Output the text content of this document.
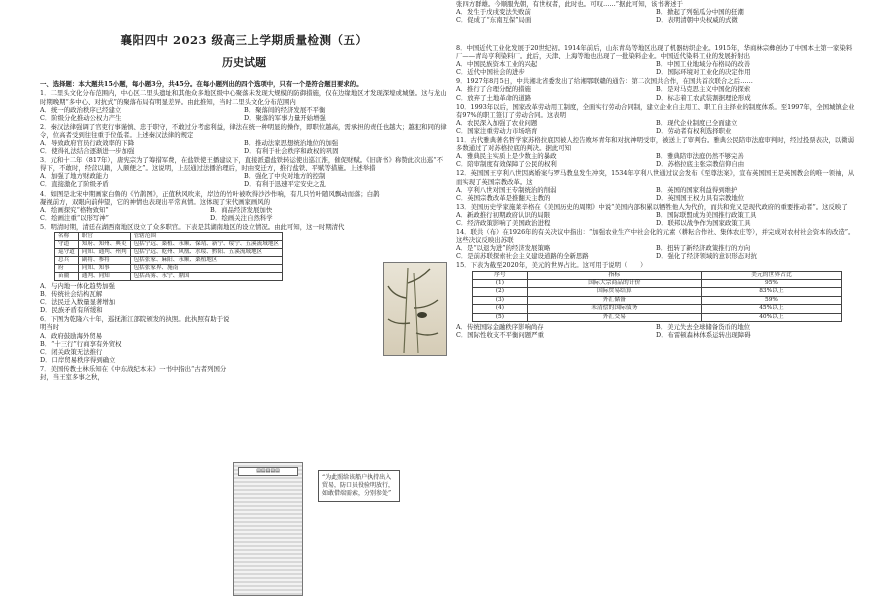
襄阳四中 2023 级高三上学期质量检测（五）
历史试题
一、选择题：本大题共15小题，每小题3分，共45分。在每小题列出的四个选项中，只有一个是符合题目要求的。
1．二里头文化分布范围内，中心区二里头遗址和其他众多地区级中心聚落未发现大规模的防御措施，仅在边缘地区才发现深壕或城堡。这与龙山时期晚期“多中心、对抗式”的聚落布局有明显差异。由此推知，当时二里头文化分布范围内
A．统一的政治秩序已经建立	B．聚落间的经济发展不平衡
C．阶级分化推动公权力产生	D．聚落的军事力量开始增强
2．秦汉法律强调了官吏行事谨慎、忠于职守，不敢过分考虑利益，律法在统一种明显的操作，即职位越高，需承担的责任也越大；越犯和同的律令，位高者受到往往重于位低者。上述秦汉法律的规定
A．导致政府官员行政效率的下降	B．推动法家思想统治地位的加强
C．使得礼法结合逐渐进一步加强	D．有利于社会秩序和政权的巩固
3．元和十二年（817年），唐宪宗为了筹措军费，在盐铁使王播建议下，直接派遣盐铁转运使出巡江淮，催促财赋。《旧唐书》称赞此次出巡“不得下，不敢时，经营以籍，人颇便之”。这说明，上层通过法播治理后，时由变迁方，推行盐铁、平赋等措施。上述举措
A．加强了地方财政能力	B．强化了中央对地方的控制
C．直接激化了阶级矛盾	D．有利于迅速平定安史之乱
4．如图是北宋中期画家白鲁的《竹鹊图》，正值秋风吹来，岸边的竹叶被吹得沙沙作响，有几只竹叶随风飘动而落；白鹊凝视前方，双眼向前伸望，它的神情也表现出平常真情。这体现了宋代画家画风的
A．绘画探究“格物致知”	B．商品经济发展加快
C．绘画注重“以形写神”	D．绘画关注自然科学
5．明清时期，清廷在湖西南地区设立了众多职官。下表是其湖南地区的设立情况。由此可知，这一时期清代
名称	职官	管辖范围
守道	知府、知州、典吏	包括宁远、桑植、永顺、保靖、新宁、绥宁、五溪流域地区
巡守道	同知、通判、州判	包括宁远、乾州、风凰、水绥、黔阳、五溪流域地区
总兵	副将、参将	包括张家、麻阳、永顺、桑植地区
府	同知、知事	包括张家界、施南
苗疆	通判、同知	包括高雾、永宁、鼎国
A．与内地一体化趋势加强
B．传统社会结构瓦解
C．法民迁入数量显著增加
D．民族矛盾有所缓和
6．下图为乾隆六十年，巡抚浙江部院颁发的执照。此执照有助于说明当时
A．政府鼓励海外贸易
B．“十三行”行商享有外贸权
C．闭关政策无法推行
D．口岸贸易秩序得到确立
7．美国传教士林乐知在《中东战纪本末》一书中指出“古者列国分封，当王室多事之秋，
▤▤▤▤▤
“为此照给该船户执持出入贸易，防口员役验明放行，如敢借端需索，分别参处”
张四方群雄。今顺服先朝，有世权者，此时也。可叹……”据此可知，该书著述于
A．发生于戊戌变法失败前	B．掀起了列强瓜分中国的狂潮
C．促成了“东南互保”局面	D．表明清朝中央权威的式微
8．中国近代工业化发展于20世纪初。1914年前后，山东青岛等地区出现了机器纺织企业。1915年，华商林宗彝创办了中国本土第一家染料厂——青岛亨利染料厂。此后，天津、上海等地也出现了一批染料企业。中国近代染料工业的发展折射出
A．中国民族资本工业的兴起	B．中国工业地域分布格局的改善
C．近代中国社会的进步	D．国际环境对工业化的决定作用
9．1927年8月5日，中共湘北省委发出了给湘鄂联赣的通告：第二次国共合作，在国共首次联合之后……
A．推行了合理分配的措施	B．是对马克思主义中国化的探索
C．放弃了土地革命的道路	D．标志着工农武装割据理论形成
10．1993年以后，国家改革劳动用工制度，全面实行劳动合同制，建立企业自主用工、职工自主择业的制度体系。至1997年，全国城镇企业有97%的职工签订了劳动合同。这表明
A．农民深入加强了农业问题	B．现代企业制度已全面建立
C．国家注重劳动力市场培育	D．劳动者有权利选择职业
11．古代雅典著名哲学家苏格拉底因被人控告败坏青年和对抗神明受审，被送上了审判台。雅典公民陪审法庭审判时，经过投票表决，以微弱多数通过了对苏格拉底的判决。据此可知
A．雅典民主实质上是少数主的暴政	B．雅典陪审法庭仍然不够完善
C．陪审制度有效保障了公民的权利	D．苏格拉底主张宗教信仰自由
12．英国国王亨利八世因离婚案与罗马教皇发生冲突，1534年亨利八世通过议会发布《至尊法案》，宣布英国国王是英国教会的唯一领袖，从而实现了英国宗教改革。这
A．亨利八世对国王专制统治的削弱	B．英国的国家利益得到维护
C．英国宗教改革是推翻天主教的	D．英国国王权力具有宗教地位
13．美国历史学家施莱辛格在《美国历史的周期》中说“美国内部积累以牺牲他人为代价，而共和党又是现代政府的重要推动者”。这反映了
A．新政推行初期政府认识的局限	B．国际联盟成为美国推行政策工具
C．经济政策影响了美国政治进程	D．联邦以战争作为国家政策工具
14．联共（布）在1926年的有关决议中指出：“加强农业生产中社会化的元素（耕耘合作社、集体农庄等），并完成对农村社会资本的改造”。这些决议反映出苏联
A．是“以退为进”的经济发展策略	B．扭转了新经济政策推行的方向
C．是前苏联探索社会主义建设道路的全新思路	D．强化了经济领域的意识形态对抗
15．下表为截至2020年，美元的世界占比。这可用于说明（　　）
序号	指标	美元的世界占比
(1)	国际大宗商品的计价	95%
(2)	国际贸易结算	83%以上
(3)	外汇储备	59%
(4)	未清偿的国际债务	45%以上
(5)	外汇交易	40%以上
A．传统国际金融秩序影响尚存	B．美元失去全球储备货币的地位
C．国际性收支不平衡问题严重	D．布雷顿森林体系运转出现障碍
